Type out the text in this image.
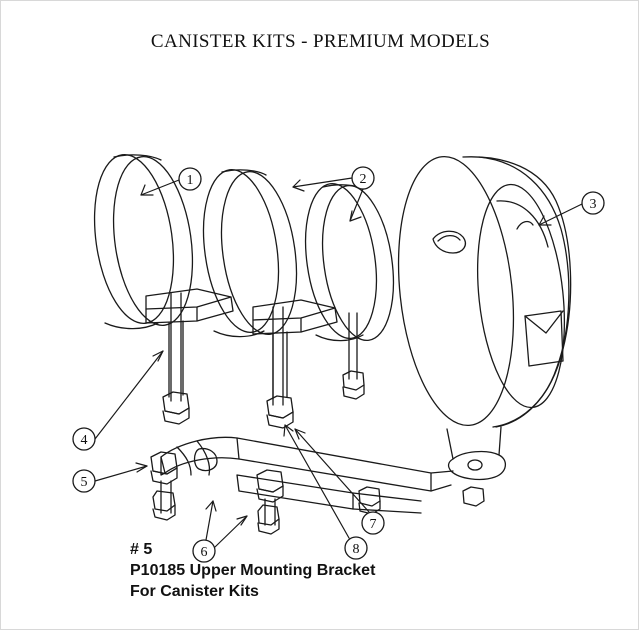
CANISTER KITS - PREMIUM MODELS
1	2
3
4
5
6
7
8
# 5
P10185 Upper Mounting Bracket
For Canister Kits
